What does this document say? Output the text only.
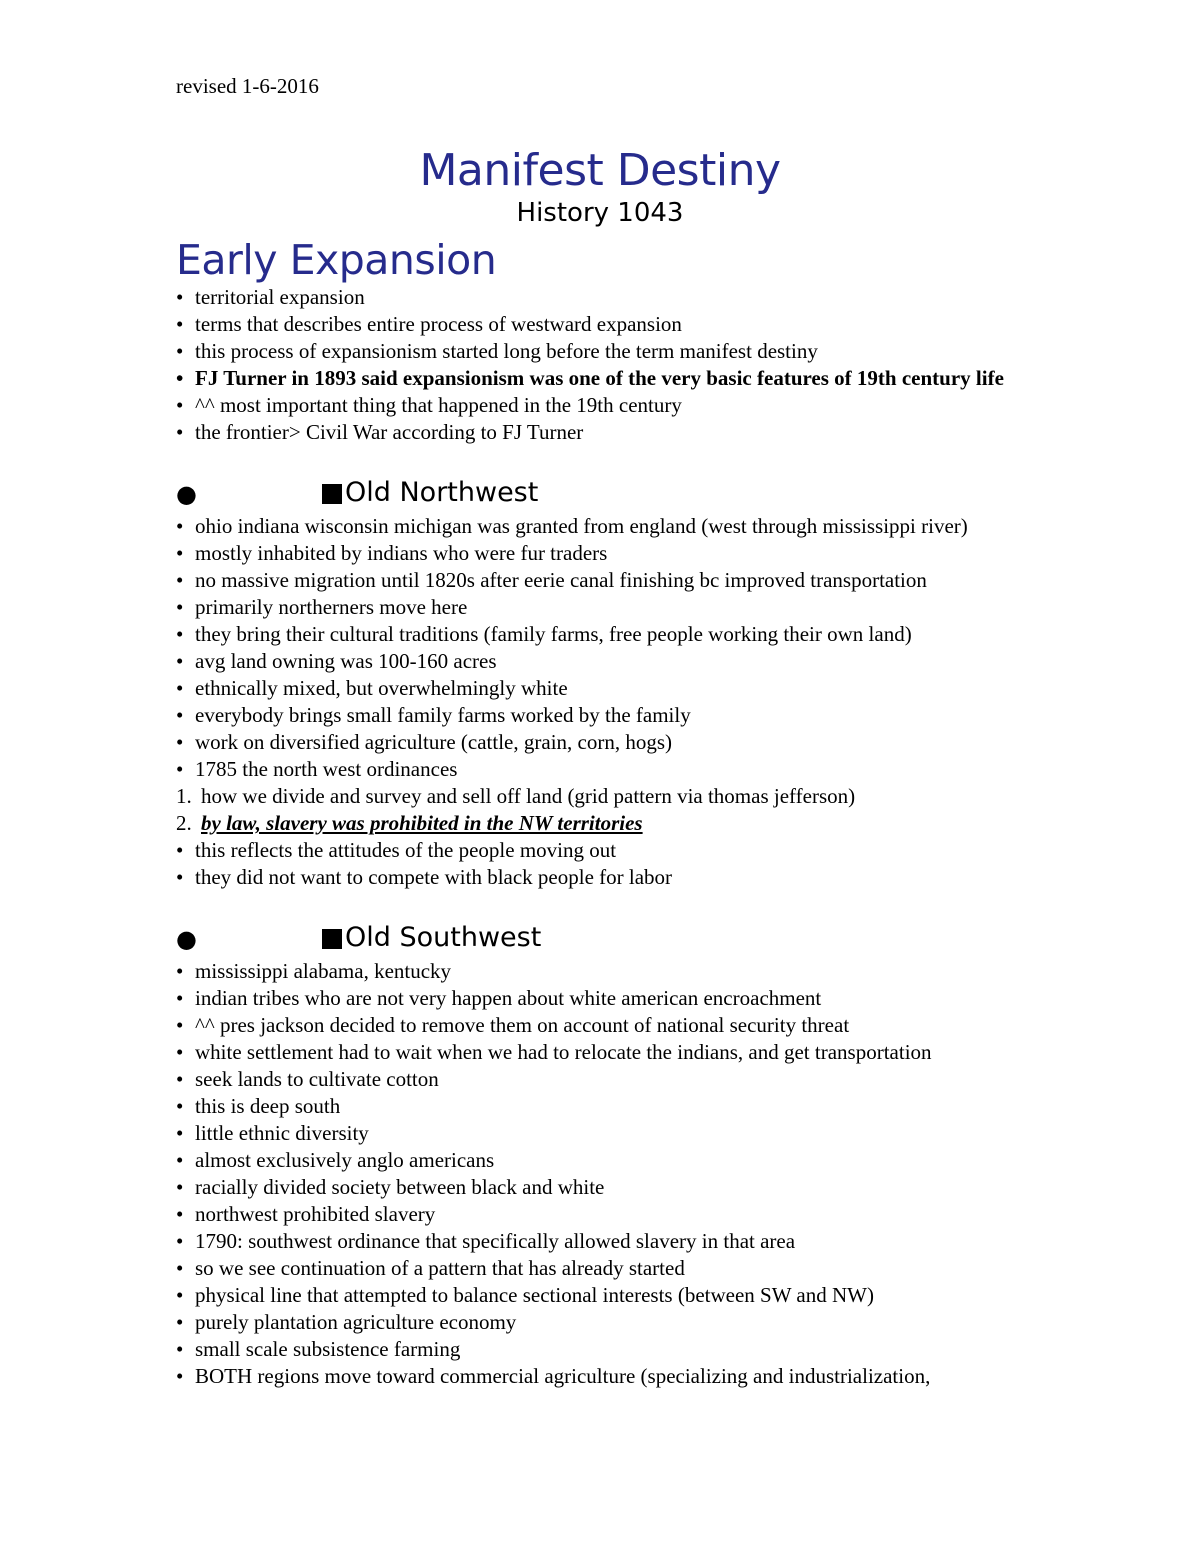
revised 1-6-2016
Manifest Destiny
History 1043
Early Expansion
• territorial expansion
• terms that describes entire process of westward expansion
• this process of expansionism started long before the term manifest destiny
• FJ Turner in 1893 said expansionism was one of the very basic features of 19th century life
• ^^ most important thing that happened in the 19th century
• the frontier> Civil War according to FJ Turner
●	Old Northwest
• ohio indiana wisconsin michigan was granted from england (west through mississippi river)
• mostly inhabited by indians who were fur traders
• no massive migration until 1820s after eerie canal finishing bc improved transportation
• primarily northerners move here
• they bring their cultural traditions (family farms, free people working their own land)
• avg land owning was 100-160 acres
• ethnically mixed, but overwhelmingly white
• everybody brings small family farms worked by the family
• work on diversified agriculture (cattle, grain, corn, hogs)
• 1785 the north west ordinances
1. how we divide and survey and sell off land (grid pattern via thomas jefferson)
2. by law, slavery was prohibited in the NW territories
• this reflects the attitudes of the people moving out
• they did not want to compete with black people for labor
●	Old Southwest
• mississippi alabama, kentucky
• indian tribes who are not very happen about white american encroachment
• ^^ pres jackson decided to remove them on account of national security threat
• white settlement had to wait when we had to relocate the indians, and get transportation
• seek lands to cultivate cotton
• this is deep south
• little ethnic diversity
• almost exclusively anglo americans
• racially divided society between black and white
• northwest prohibited slavery
• 1790: southwest ordinance that specifically allowed slavery in that area
• so we see continuation of a pattern that has already started
• physical line that attempted to balance sectional interests (between SW and NW)
• purely plantation agriculture economy
• small scale subsistence farming
• BOTH regions move toward commercial agriculture (specializing and industrialization,
